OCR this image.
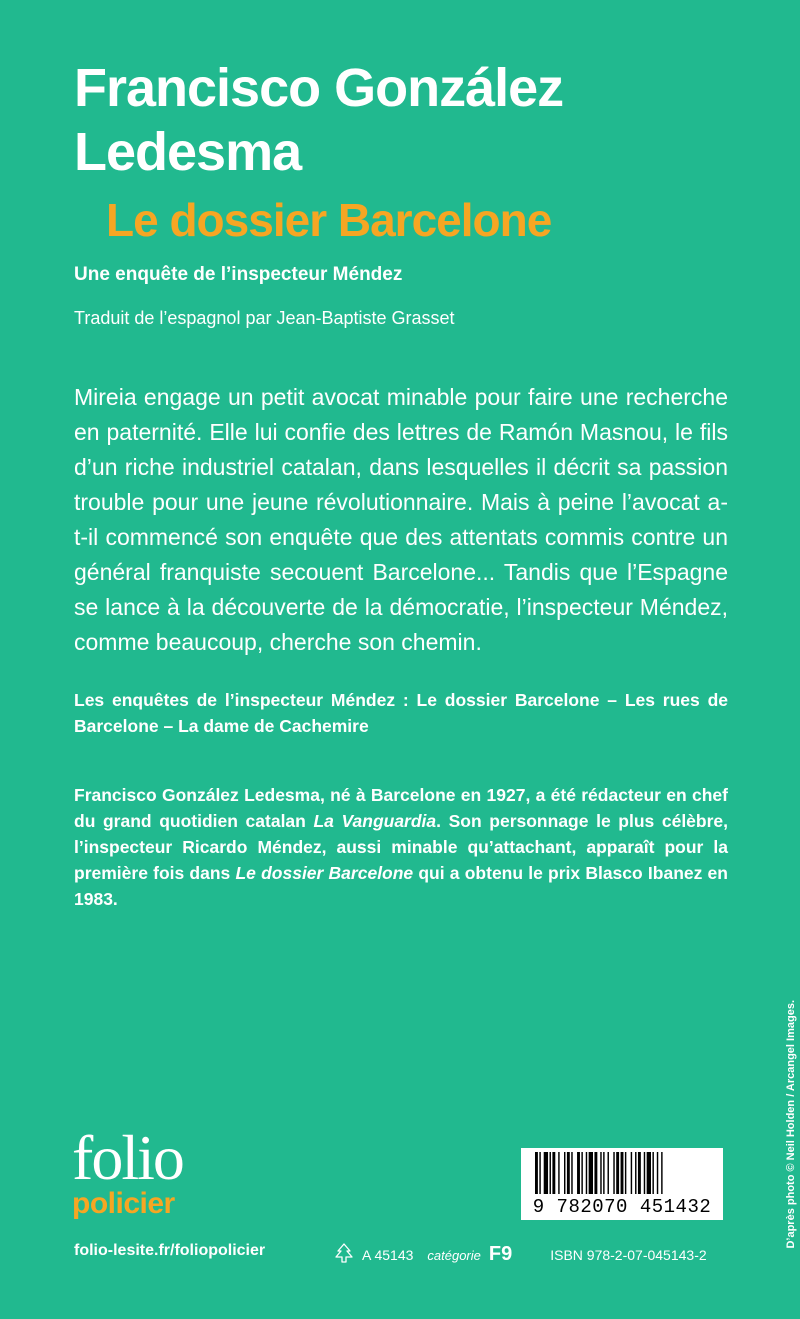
Francisco González
Ledesma
Le dossier Barcelone

Une enquête de l’inspecteur Méndez

Traduit de l’espagnol par Jean-Baptiste Grasset

Mireia engage un petit avocat minable pour faire une recherche en paternité. Elle lui confie des lettres de Ramón Masnou, le fils d’un riche industriel catalan, dans lesquelles il décrit sa passion trouble pour une jeune révolutionnaire. Mais à peine l’avocat a-t-il commencé son enquête que des attentats commis contre un général franquiste secouent Barcelone... Tandis que l’Espagne se lance à la découverte de la démocratie, l’inspecteur Méndez, comme beaucoup, cherche son chemin.

Les enquêtes de l’inspecteur Méndez : Le dossier Barcelone – Les rues de Barcelone – La dame de Cachemire

Francisco González Ledesma, né à Barcelone en 1927, a été rédacteur en chef du grand quotidien catalan La Vanguardia. Son personnage le plus célèbre, l’inspecteur Ricardo Méndez, aussi minable qu’attachant, apparaît pour la première fois dans Le dossier Barcelone qui a obtenu le prix Blasco Ibanez en 1983.

D’après photo © Neil Holden / Arcangel Images.
folio
policier

folio-lesite.fr/foliopolicier

9 782070 451432
A 45143 catégorie F9	ISBN 978-2-07-045143-2
